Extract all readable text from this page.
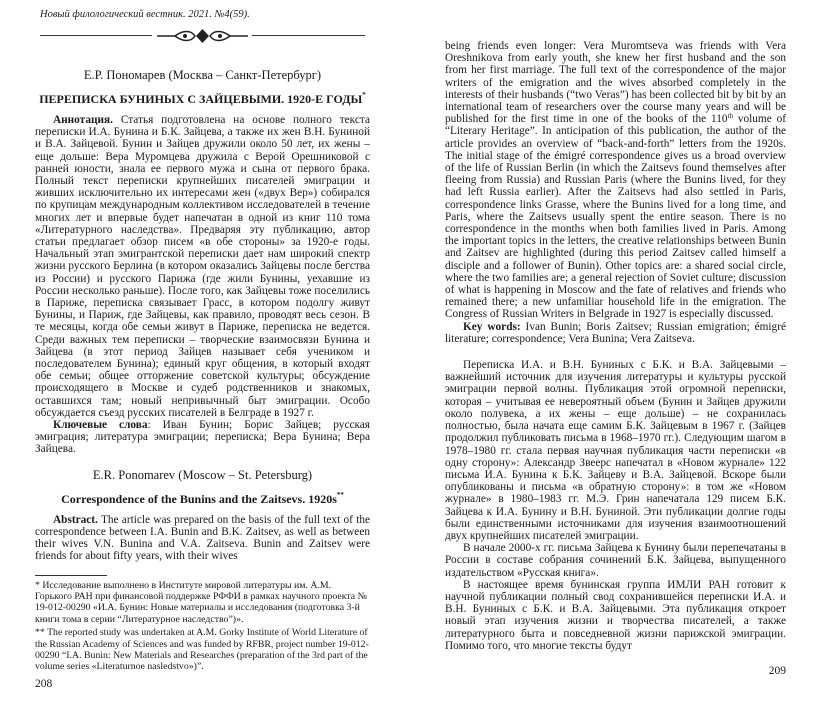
Новый филологический вестник. 2021. №4(59).

Е.Р. Пономарев (Москва – Санкт-Петербург)

ПЕРЕПИСКА БУНИНЫХ С ЗАЙЦЕВЫМИ. 1920-Е ГОДЫ*

Аннотация. Статья подготовлена на основе полного текста переписки И.А. Бунина и Б.К. Зайцева, а также их жен В.Н. Буниной и В.А. Зайцевой. Бунин и Зайцев дружили около 50 лет, их жены – еще дольше: Вера Муромцева дружила с Верой Орешниковой с ранней юности, знала ее первого мужа и сына от первого брака. Полный текст переписки крупнейших писателей эмиграции и живших исключительно их интересами жен («двух Вер») собирался по крупицам международным коллективом исследователей в течение многих лет и впервые будет напечатан в одной из книг 110 тома «Литературного наследства». Предваряя эту публикацию, автор статьи предлагает обзор писем «в обе стороны» за 1920-е годы. Начальный этап эмигрантской переписки дает нам широкий спектр жизни русского Берлина (в котором оказались Зайцевы после бегства из России) и русского Парижа (где жили Бунины, уехавшие из России несколько раньше). После того, как Зайцевы тоже поселились в Париже, переписка связывает Грасс, в котором подолгу живут Бунины, и Париж, где Зайцевы, как правило, проводят весь сезон. В те месяцы, когда обе семьи живут в Париже, переписка не ведется. Среди важных тем переписки – творческие взаимосвязи Бунина и Зайцева (в этот период Зайцев называет себя учеником и последователем Бунина); единый круг общения, в который входят обе семьи; общее отторжение советской культуры; обсуждение происходящего в Москве и судеб родственников и знакомых, оставшихся там; новый непривычный быт эмиграции. Особо обсуждается съезд русских писателей в Белграде в 1927 г.

Ключевые слова: Иван Бунин; Борис Зайцев; русская эмиграция; литература эмиграции; переписка; Вера Бунина; Вера Зайцева.

E.R. Ponomarev (Moscow – St. Petersburg)

Correspondence of the Bunins and the Zaitsevs. 1920s**

Abstract. The article was prepared on the basis of the full text of the correspondence between I.A. Bunin and B.K. Zaitsev, as well as between their wives V.N. Bunina and V.A. Zaitseva. Bunin and Zaitsev were friends for about fifty years, with their wives

* Исследование выполнено в Институте мировой литературы им. А.М. Горького РАН при финансовой поддержке РФФИ в рамках научного проекта № 19-012-00290 «И.А. Бунин: Новые материалы и исследования (подготовка 3-й книги тома в серии “Литературное наследство”)».
** The reported study was undertaken at A.M. Gorky Institute of World Literature of the Russian Academy of Sciences and was funded by RFBR, project number 19-012-00290 “I.A. Bunin: New Materials and Researches (preparation of the 3rd part of the volume series «Literaturnoe nasledstvo»)”.
208

being friends even longer: Vera Muromtseva was friends with Vera Oreshnikova from early youth, she knew her first husband and the son from her first marriage. The full text of the correspondence of the major writers of the emigration and the wives absorbed completely in the interests of their husbands (“two Veras”) has been collected bit by bit by an international team of researchers over the course many years and will be published for the first time in one of the books of the 110th volume of “Literary Heritage”. In anticipation of this publication, the author of the article provides an overview of “back-and-forth” letters from the 1920s. The initial stage of the émigré correspondence gives us a broad overview of the life of Russian Berlin (in which the Zaitsevs found themselves after fleeing from Russia) and Russian Paris (where the Bunins lived, for they had left Russia earlier). After the Zaitsevs had also settled in Paris, correspondence links Grasse, where the Bunins lived for a long time, and Paris, where the Zaitsevs usually spent the entire season. There is no correspondence in the months when both families lived in Paris. Among the important topics in the letters, the creative relationships between Bunin and Zaitsev are highlighted (during this period Zaitsev called himself a disciple and a follower of Bunin). Other topics are: a shared social circle, where the two families are; a general rejection of Soviet culture; discussion of what is happening in Moscow and the fate of relatives and friends who remained there; a new unfamiliar household life in the emigration. The Congress of Russian Writers in Belgrade in 1927 is especially discussed.

Key words: Ivan Bunin; Boris Zaitsev; Russian emigration; émigré literature; correspondence; Vera Bunina; Vera Zaitseva.

Переписка И.А. и В.Н. Буниных с Б.К. и В.А. Зайцевыми – важнейший источник для изучения литературы и культуры русской эмиграции первой волны. Публикация этой огромной переписки, которая – учитывая ее невероятный объем (Бунин и Зайцев дружили около полувека, а их жены – еще дольше) – не сохранилась полностью, была начата еще самим Б.К. Зайцевым в 1967 г. (Зайцев продолжил публиковать письма в 1968–1970 гг.). Следующим шагом в 1978–1980 гг. стала первая научная публикация части переписки «в одну сторону»: Александр Звеерс напечатал в «Новом журнале» 122 письма И.А. Бунина к Б.К. Зайцеву и В.А. Зайцевой. Вскоре были опубликованы и письма «в обратную сторону»: в том же «Новом журнале» в 1980–1983 гг. М.Э. Грин напечатала 129 писем Б.К. Зайцева к И.А. Бунину и В.Н. Буниной. Эти публикации долгие годы были единственными источниками для изучения взаимоотношений двух крупнейших писателей эмиграции.

В начале 2000-х гг. письма Зайцева к Бунину были перепечатаны в России в составе собрания сочинений Б.К. Зайцева, выпущенного издательством «Русская книга».

В настоящее время бунинская группа ИМЛИ РАН готовит к научной публикации полный свод сохранившейся переписки И.А. и В.Н. Буниных с Б.К. и В.А. Зайцевыми. Эта публикация откроет новый этап изучения жизни и творчества писателей, а также литературного быта и повседневной жизни парижской эмиграции. Помимо того, что многие тексты будут

209
